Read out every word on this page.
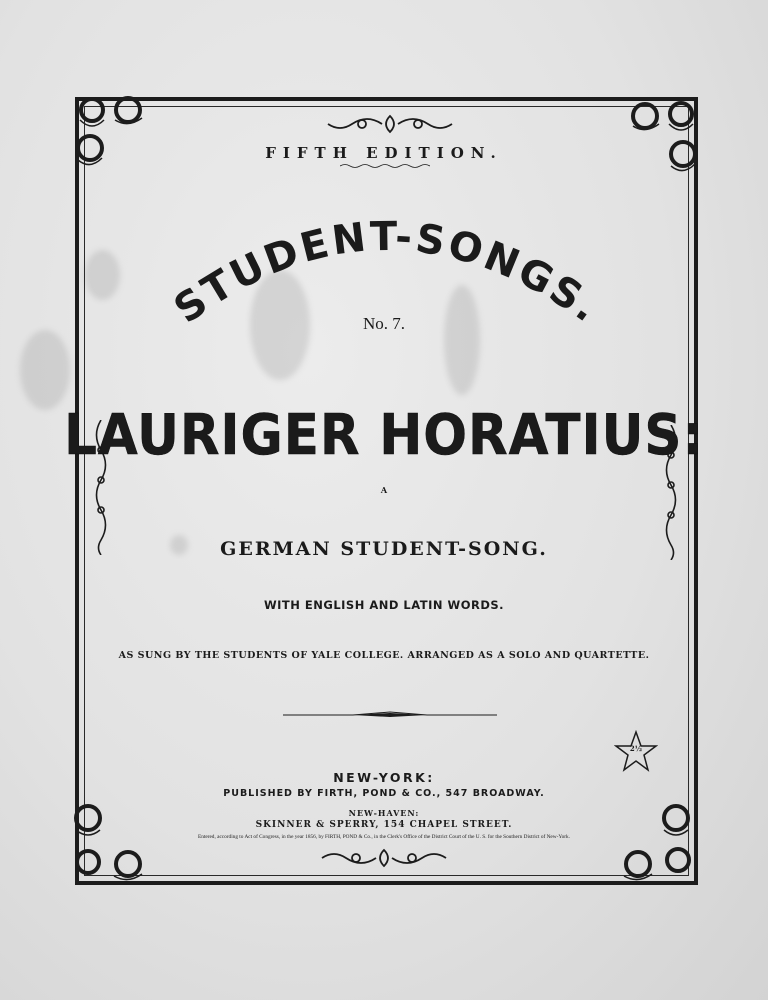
FIFTH EDITION.
STUDENT-SONGS.
No. 7.
LAURIGER HORATIUS:
A
GERMAN STUDENT-SONG.
WITH ENGLISH AND LATIN WORDS.
AS SUNG BY THE STUDENTS OF YALE COLLEGE. ARRANGED AS A SOLO AND QUARTETTE.
2½
NEW-YORK:
PUBLISHED BY FIRTH, POND & CO., 547 BROADWAY.
NEW-HAVEN:
SKINNER & SPERRY, 154 CHAPEL STREET.
Entered, according to Act of Congress, in the year 1856, by FIRTH, POND & Co., in the Clerk's Office of the District Court of the U. S. for the Southern District of New-York.
